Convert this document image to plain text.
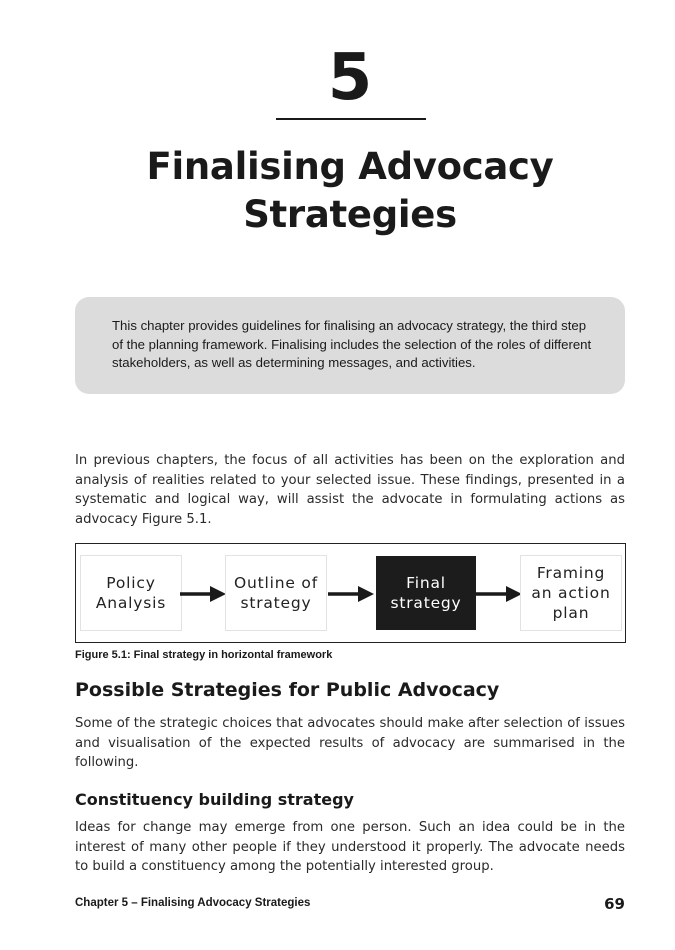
5
Finalising Advocacy
Strategies
This chapter provides guidelines for finalising an advocacy strategy, the third step of the planning framework. Finalising includes the selection of the roles of different stakeholders, as well as determining messages, and activities.
In previous chapters, the focus of all activities has been on the exploration and analysis of realities related to your selected issue. These findings, presented in a systematic and logical way, will assist the advocate in formulating actions as advocacy Figure 5.1.
Policy
Analysis
Outline of
strategy
Final
strategy
Framing
an action
plan
Figure 5.1: Final strategy in horizontal framework
Possible Strategies for Public Advocacy
Some of the strategic choices that advocates should make after selection of issues and visualisation of the expected results of advocacy are summarised in the following.
Constituency building strategy
Ideas for change may emerge from one person. Such an idea could be in the interest of many other people if they understood it properly. The advocate needs to build a constituency among the potentially interested group.
Chapter 5 – Finalising Advocacy Strategies	69
